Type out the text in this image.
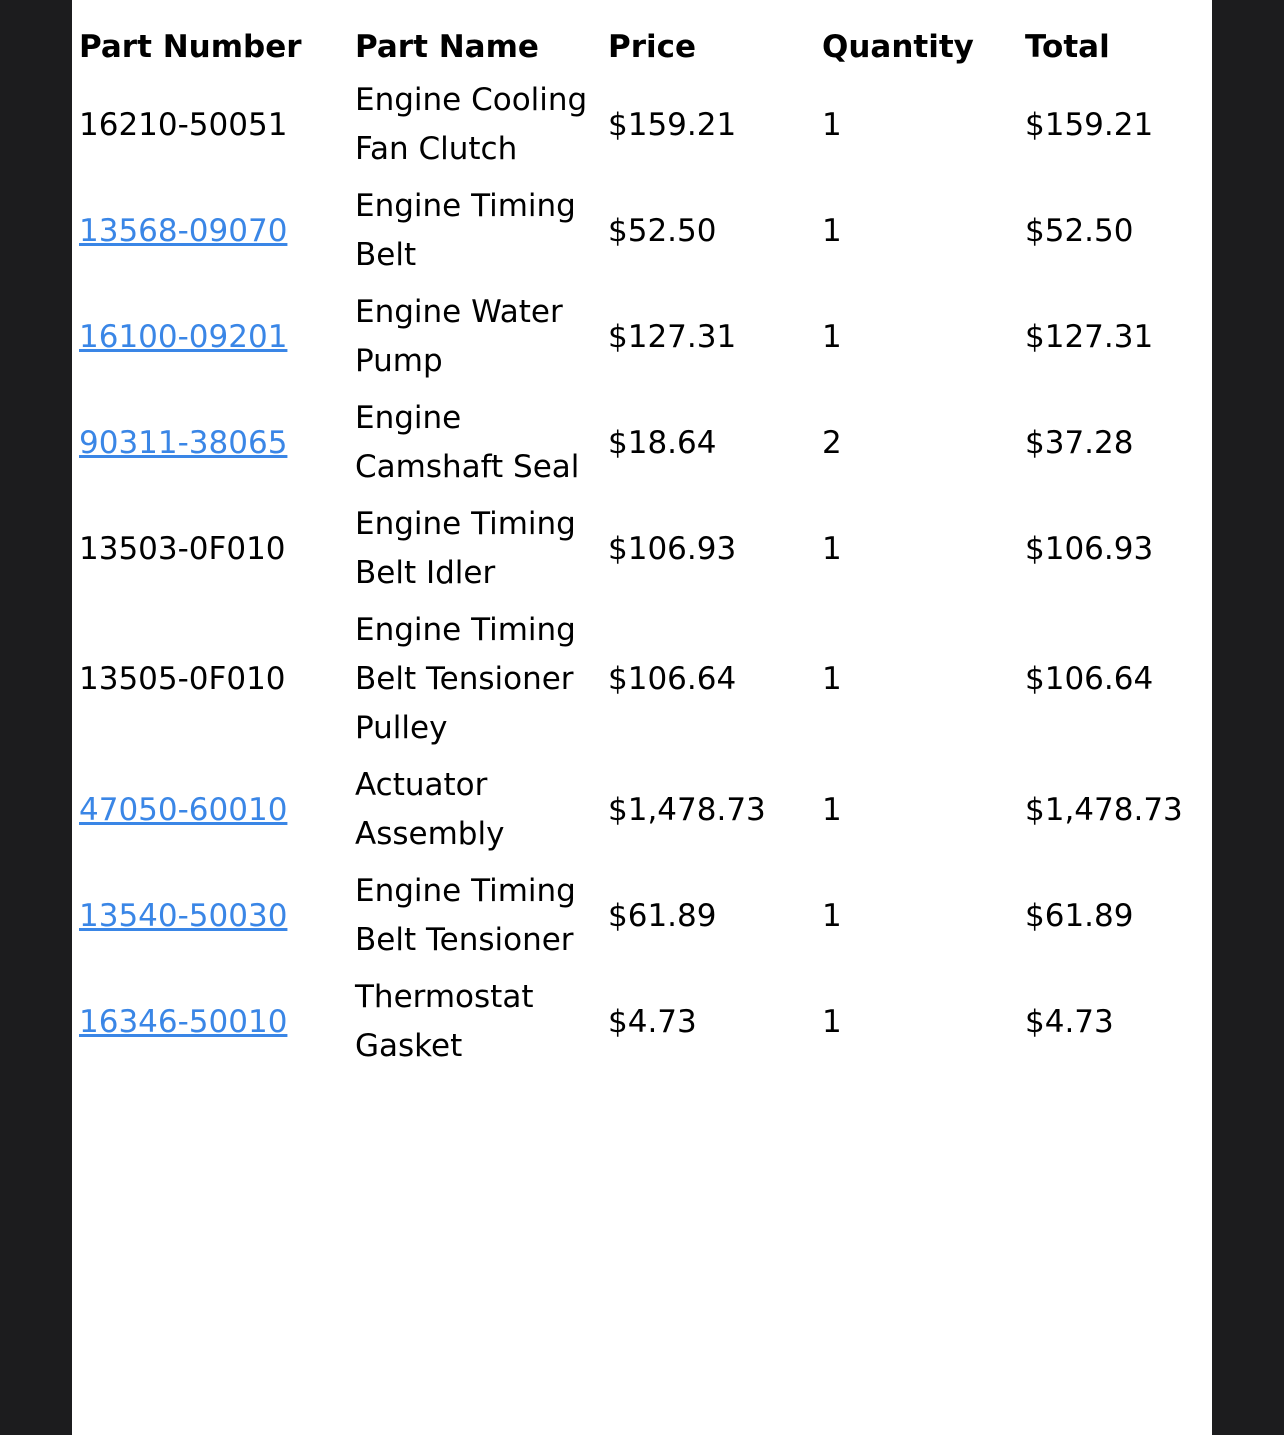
Part Number	Part Name	Price	Quantity	Total
16210-50051	Engine Cooling Fan Clutch	$159.21	1	$159.21
13568-09070	Engine Timing Belt	$52.50	1	$52.50
16100-09201	Engine Water Pump	$127.31	1	$127.31
90311-38065	Engine Camshaft Seal	$18.64	2	$37.28
13503-0F010	Engine Timing Belt Idler	$106.93	1	$106.93
13505-0F010	Engine Timing Belt Tensioner Pulley	$106.64	1	$106.64
47050-60010	Actuator Assembly	$1,478.73	1	$1,478.73
13540-50030	Engine Timing Belt Tensioner	$61.89	1	$61.89
16346-50010	Thermostat Gasket	$4.73	1	$4.73
